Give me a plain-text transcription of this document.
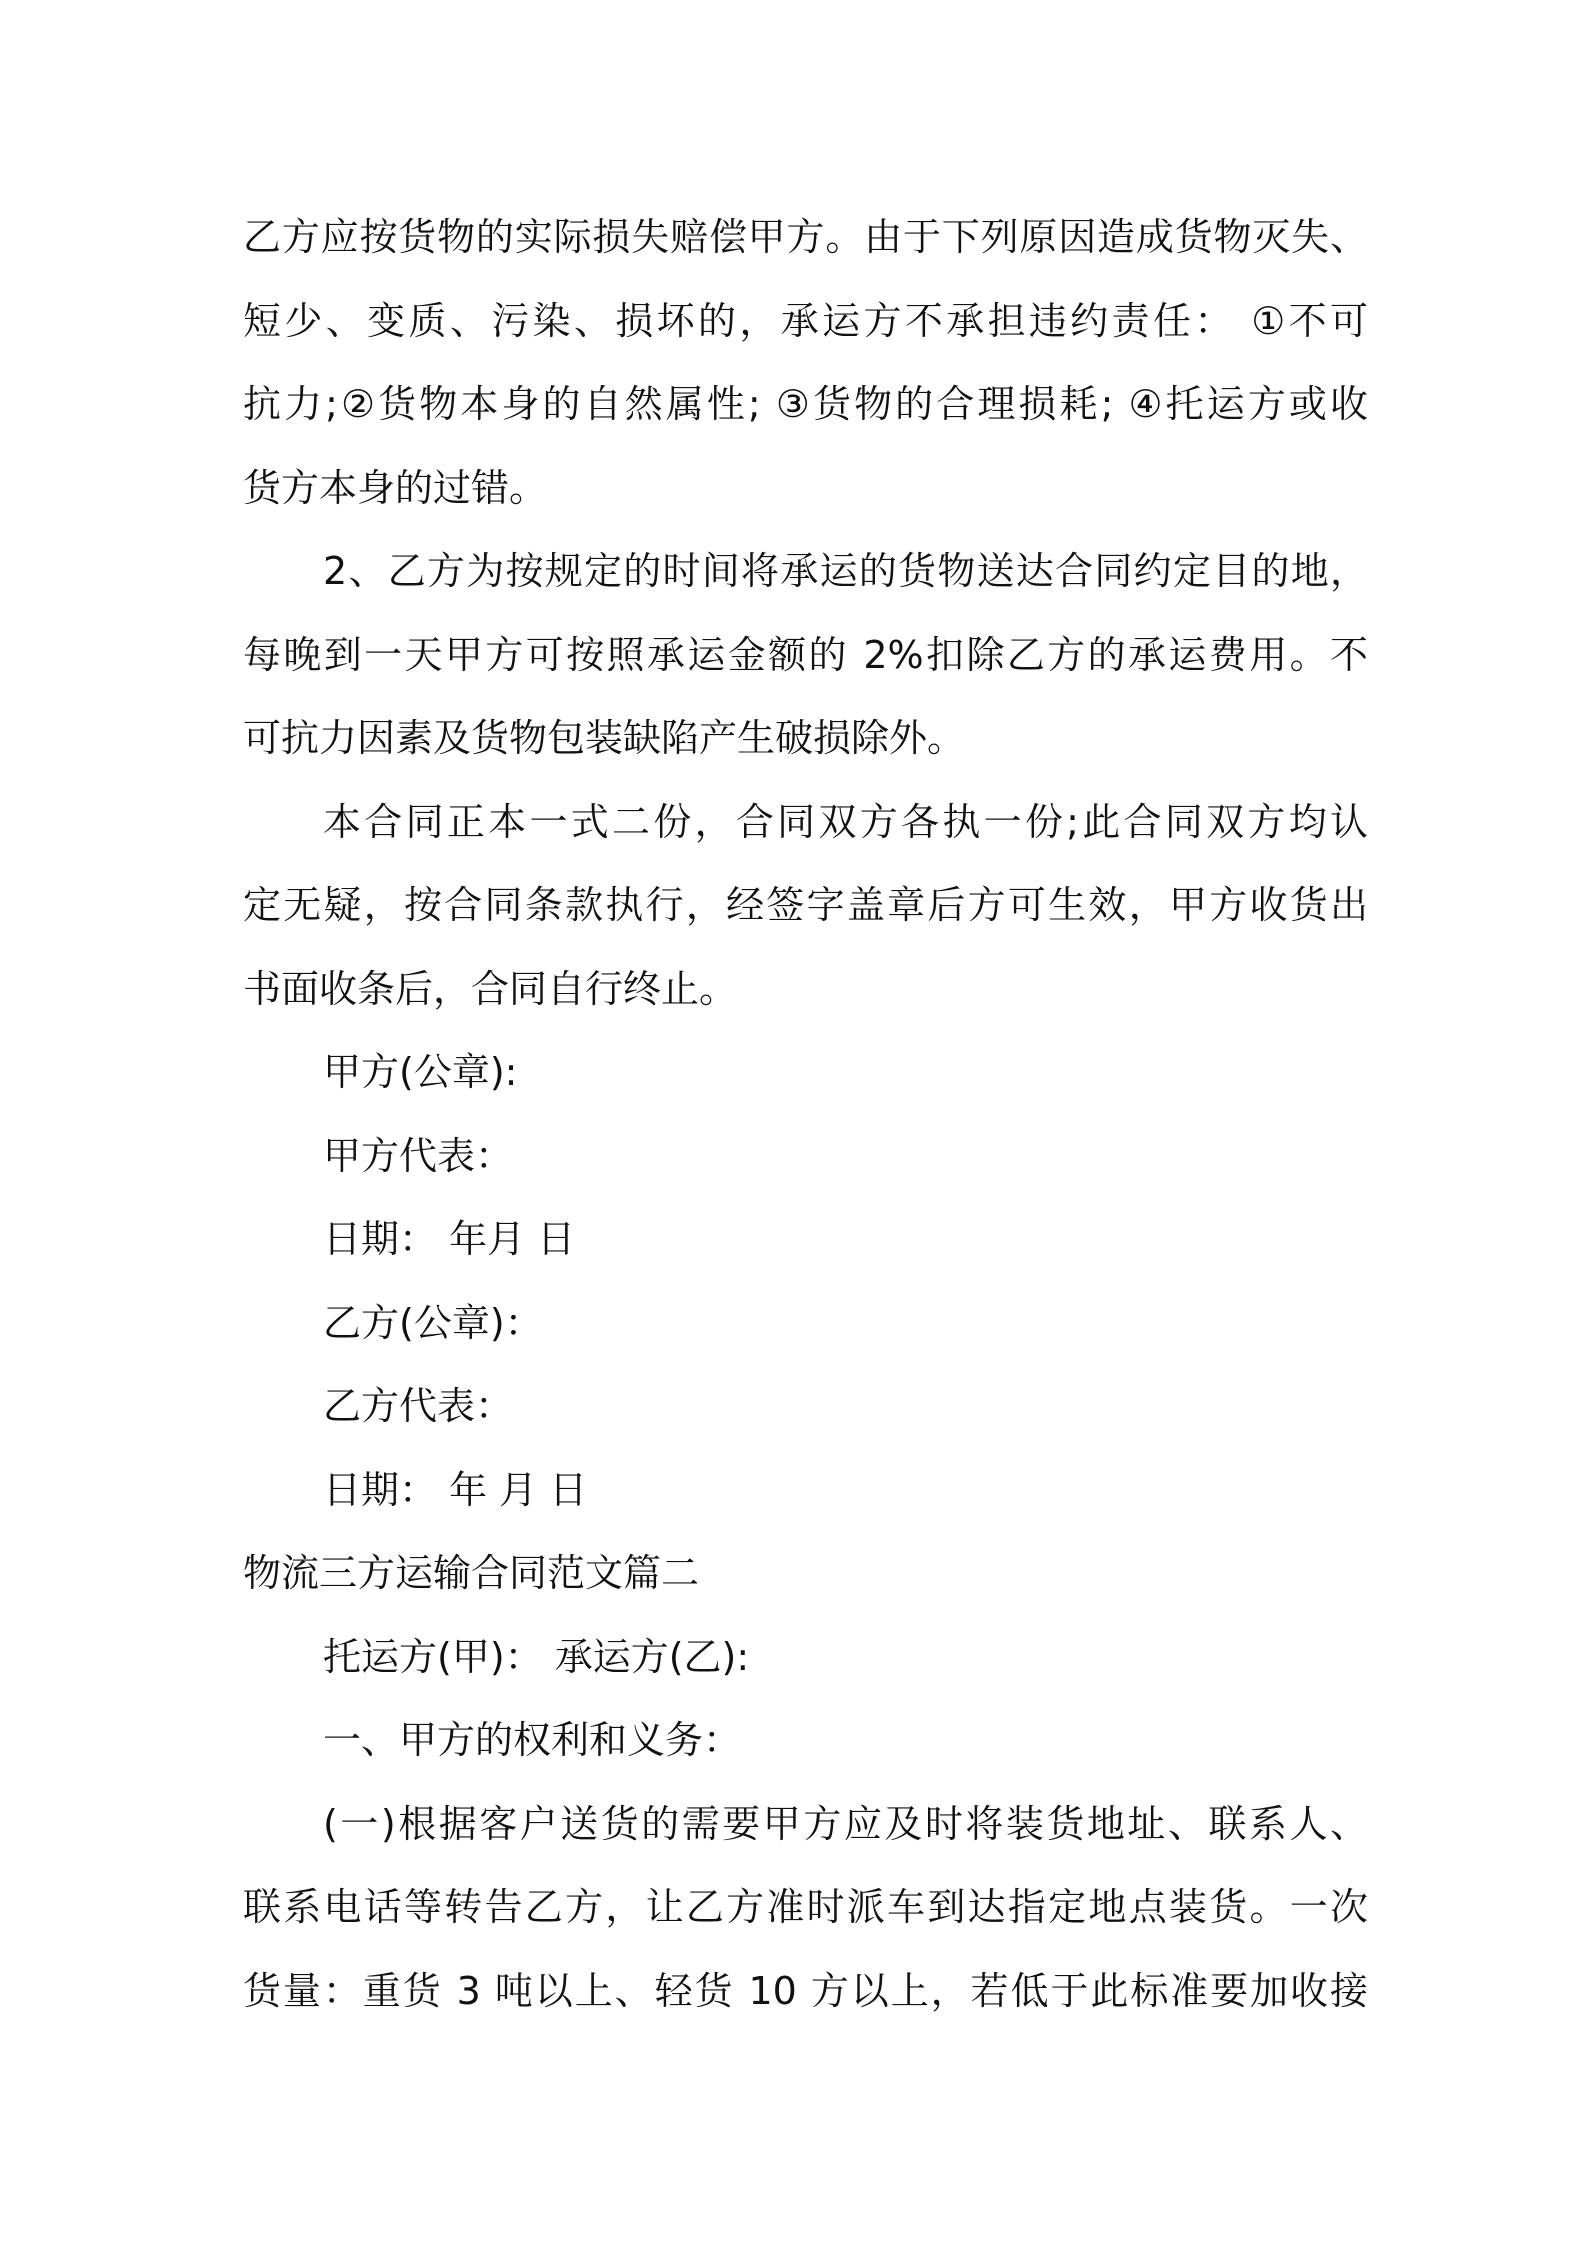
乙方应按货物的实际损失赔偿甲方。由于下列原因造成货物灭失、
短少、变质、污染、损坏的，承运方不承担违约责任： ①不可
抗力;②货物本身的自然属性; ③货物的合理损耗; ④托运方或收
货方本身的过错。
2、乙方为按规定的时间将承运的货物送达合同约定目的地，
每晚到一天甲方可按照承运金额的 2%扣除乙方的承运费用。不
可抗力因素及货物包装缺陷产生破损除外。
本合同正本一式二份，合同双方各执一份;此合同双方均认
定无疑，按合同条款执行，经签字盖章后方可生效，甲方收货出
书面收条后，合同自行终止。
甲方(公章):
甲方代表：
日期： 年月 日
乙方(公章)：
乙方代表：
日期： 年 月 日
物流三方运输合同范文篇二
托运方(甲)： 承运方(乙):
一、甲方的权利和义务：
(一)根据客户送货的需要甲方应及时将装货地址、联系人、
联系电话等转告乙方，让乙方准时派车到达指定地点装货。一次
货量：重货 3 吨以上、轻货 10 方以上，若低于此标准要加收接
